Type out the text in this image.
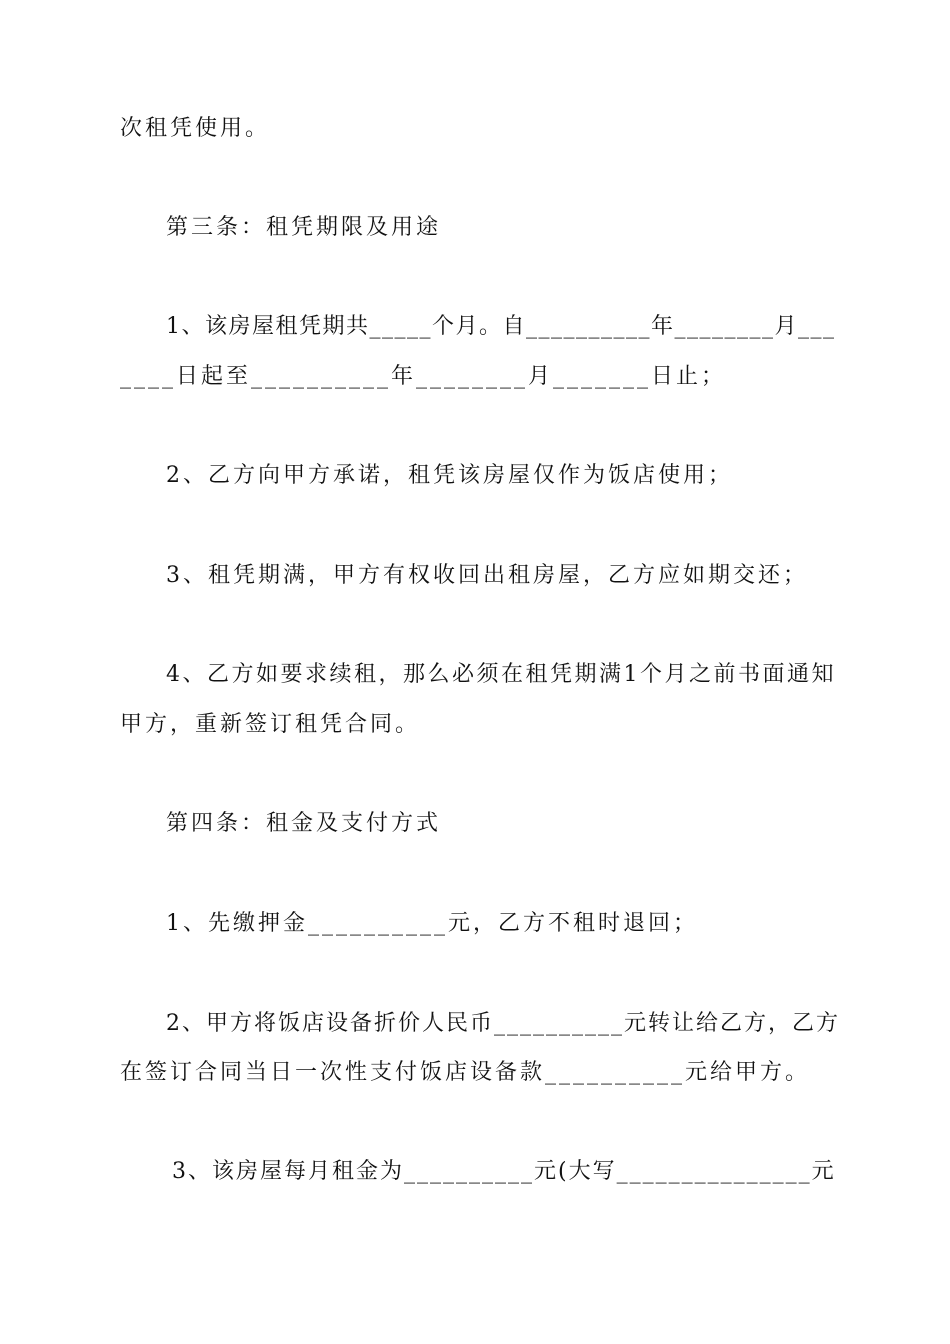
次租凭使用。
第三条：租凭期限及用途
1、该房屋租凭期共_____个月。自__________年________月___
____日起至__________年________月_______日止；
2、乙方向甲方承诺，租凭该房屋仅作为饭店使用；
3、租凭期满，甲方有权收回出租房屋，乙方应如期交还；
4、乙方如要求续租，那么必须在租凭期满1个月之前书面通知
甲方，重新签订租凭合同。
第四条：租金及支付方式
1、先缴押金__________元，乙方不租时退回；
2、甲方将饭店设备折价人民币__________元转让给乙方，乙方
在签订合同当日一次性支付饭店设备款__________元给甲方。
3、该房屋每月租金为__________元(大写_______________元
